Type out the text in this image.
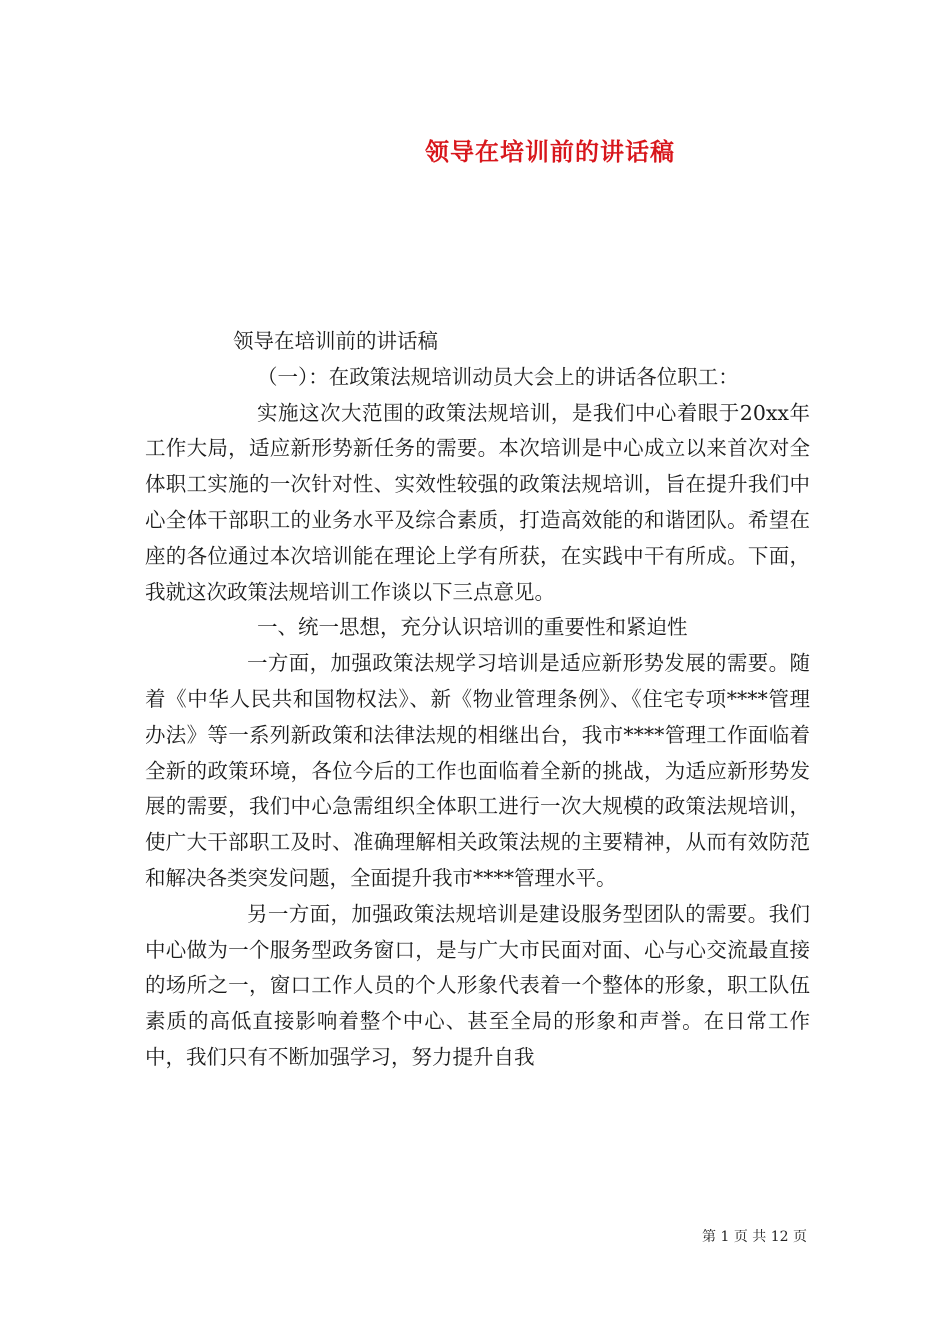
领导在培训前的讲话稿

领导在培训前的讲话稿

（一）：在政策法规培训动员大会上的讲话各位职工：

实施这次大范围的政策法规培训，是我们中心着眼于20xx年工作大局，适应新形势新任务的需要。本次培训是中心成立以来首次对全体职工实施的一次针对性、实效性较强的政策法规培训，旨在提升我们中心全体干部职工的业务水平及综合素质，打造高效能的和谐团队。希望在座的各位通过本次培训能在理论上学有所获，在实践中干有所成。下面，我就这次政策法规培训工作谈以下三点意见。

一、统一思想，充分认识培训的重要性和紧迫性

一方面，加强政策法规学习培训是适应新形势发展的需要。随着《中华人民共和国物权法》、新《物业管理条例》、《住宅专项****管理办法》等一系列新政策和法律法规的相继出台，我市****管理工作面临着全新的政策环境，各位今后的工作也面临着全新的挑战，为适应新形势发展的需要，我们中心急需组织全体职工进行一次大规模的政策法规培训，使广大干部职工及时、准确理解相关政策法规的主要精神，从而有效防范和解决各类突发问题，全面提升我市****管理水平。

另一方面，加强政策法规培训是建设服务型团队的需要。我们中心做为一个服务型政务窗口，是与广大市民面对面、心与心交流最直接的场所之一，窗口工作人员的个人形象代表着一个整体的形象，职工队伍素质的高低直接影响着整个中心、甚至全局的形象和声誉。在日常工作中，我们只有不断加强学习，努力提升自我

第 1 页 共 12 页
